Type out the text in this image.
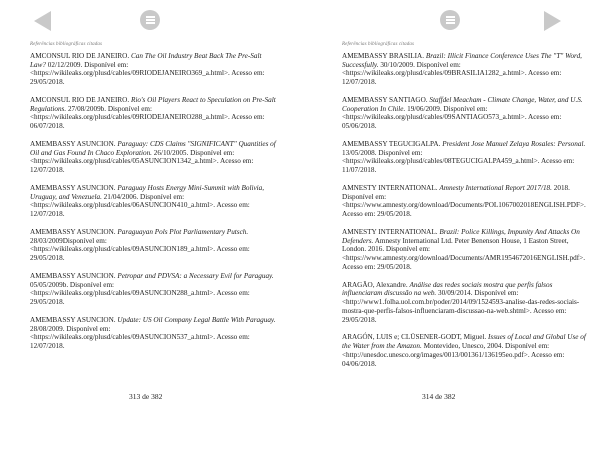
Referências bibliográficas citadas

AMCONSUL RIO DE JANEIRO. Can The Oil Industry Beat Back The Pre-Salt Law? 02/12/2009. Disponível em: <https://wikileaks.org/plusd/cables/09RIODEJANEIRO369_a.html>. Acesso em: 29/05/2018.

AMCONSUL RIO DE JANEIRO. Rio's Oil Players React to Speculation on Pre-Salt Regulations. 27/08/2009b. Disponível em: <https://wikileaks.org/plusd/cables/09RIODEJANEIRO288_a.html>. Acesso em: 06/07/2018.

AMEMBASSY ASUNCION. Paraguay: CDS Claims "SIGNIFICANT" Quantities of Oil and Gas Found In Chaco Exploration. 26/10/2005. Disponível em: <https://wikileaks.org/plusd/cables/05ASUNCION1342_a.html>. Acesso em: 12/07/2018.

AMEMBASSY ASUNCION. Paraguay Hosts Energy Mini-Summit with Bolivia, Uruguay, and Venezuela. 21/04/2006. Disponível em: <https://wikileaks.org/plusd/cables/06ASUNCION410_a.html>. Acesso em: 12/07/2018.

AMEMBASSY ASUNCION. Paraguayan Pols Plot Parliamentary Putsch. 28/03/2009Disponível em: <https://wikileaks.org/plusd/cables/09ASUNCION189_a.html>. Acesso em: 29/05/2018.

AMEMBASSY ASUNCION. Petropar and PDVSA: a Necessary Evil for Paraguay. 05/05/2009b. Disponível em: <https://wikileaks.org/plusd/cables/09ASUNCION288_a.html>. Acesso em: 29/05/2018.

AMEMBASSY ASUNCION. Update: US Oil Company Legal Battle With Paraguay. 28/08/2009. Disponível em: <https://wikileaks.org/plusd/cables/09ASUNCION537_a.html>. Acesso em: 12/07/2018.

313 de 382
Referências bibliográficas citadas

AMEMBASSY BRASILIA. Brazil: Illicit Finance Conference Uses The "T" Word, Successfully. 30/10/2009. Disponível em: <https://wikileaks.org/plusd/cables/09BRASILIA1282_a.html>. Acesso em: 12/07/2018.

AMEMBASSY SANTIAGO. Staffdel Meacham - Climate Change, Water, and U.S. Cooperation In Chile. 19/06/2009. Disponível em: <https://wikileaks.org/plusd/cables/09SANTIAGO573_a.html>. Acesso em: 05/06/2018.

AMEMBASSY TEGUCIGALPA. President Jose Manuel Zelaya Rosales: Personal. 13/05/2008. Disponível em: <https://wikileaks.org/plusd/cables/08TEGUCIGALPA459_a.html>. Acesso em: 11/07/2018.

AMNESTY INTERNATIONAL. Amnesty International Report 2017/18. 2018. Disponível em: <https://www.amnesty.org/download/Documents/POL1067002018ENGLISH.PDF>. Acesso em: 29/05/2018.

AMNESTY INTERNATIONAL. Brazil: Police Killings, Impunity And Attacks On Defenders. Amnesty International Ltd. Peter Benenson House, 1 Easton Street, London. 2016. Disponível em: <https://www.amnesty.org/download/Documents/AMR1954672016ENGLISH.pdf>. Acesso em: 29/05/2018.

ARAGÃO, Alexandre. Análise das redes sociais mostra que perfis falsos influenciaram discussão na web. 30/09/2014. Disponível em: <http://www1.folha.uol.com.br/poder/2014/09/1524593-analise-das-redes-sociais-mostra-que-perfis-falsos-influenciaram-discussao-na-web.shtml>. Acesso em: 29/05/2018.

ARAGÓN, LUIS e; CLÜSENER-GODT, Miguel. Issues of Local and Global Use of the Water from the Amazon. Montevideo, Unesco, 2004. Disponível em: <http://unesdoc.unesco.org/images/0013/001361/136195eo.pdf>. Acesso em: 04/06/2018.

314 de 382
